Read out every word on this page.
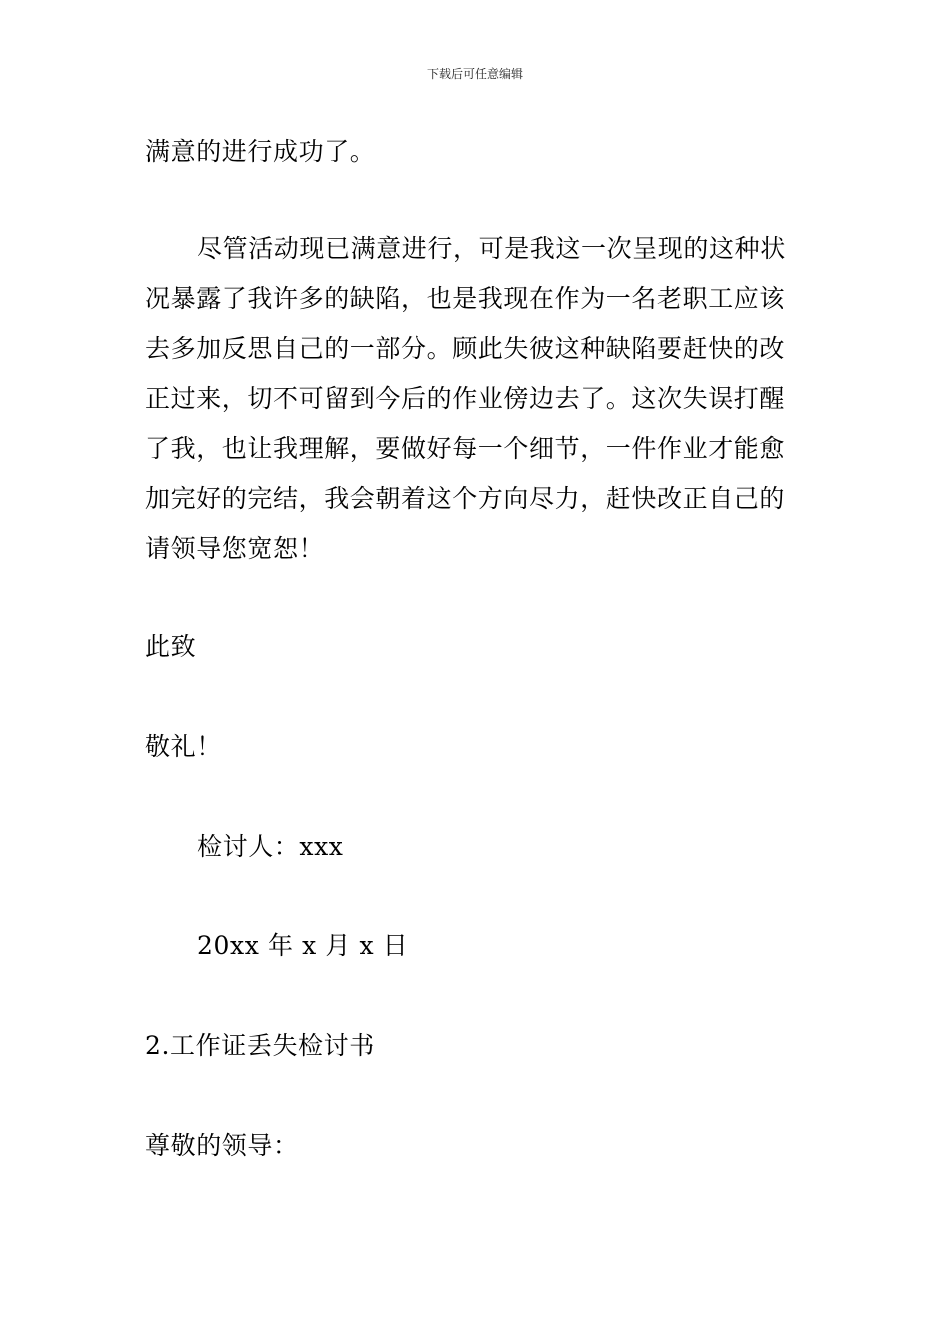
下载后可任意编辑
满意的进行成功了。
尽管活动现已满意进行，可是我这一次呈现的这种状
况暴露了我许多的缺陷，也是我现在作为一名老职工应该
去多加反思自己的一部分。顾此失彼这种缺陷要赶快的改
正过来，切不可留到今后的作业傍边去了。这次失误打醒
了我，也让我理解，要做好每一个细节，一件作业才能愈
加完好的完结，我会朝着这个方向尽力，赶快改正自己的
请领导您宽恕！
此致
敬礼！
检讨人：xxx
20xx 年 x 月 x 日
2.工作证丢失检讨书
尊敬的领导：
